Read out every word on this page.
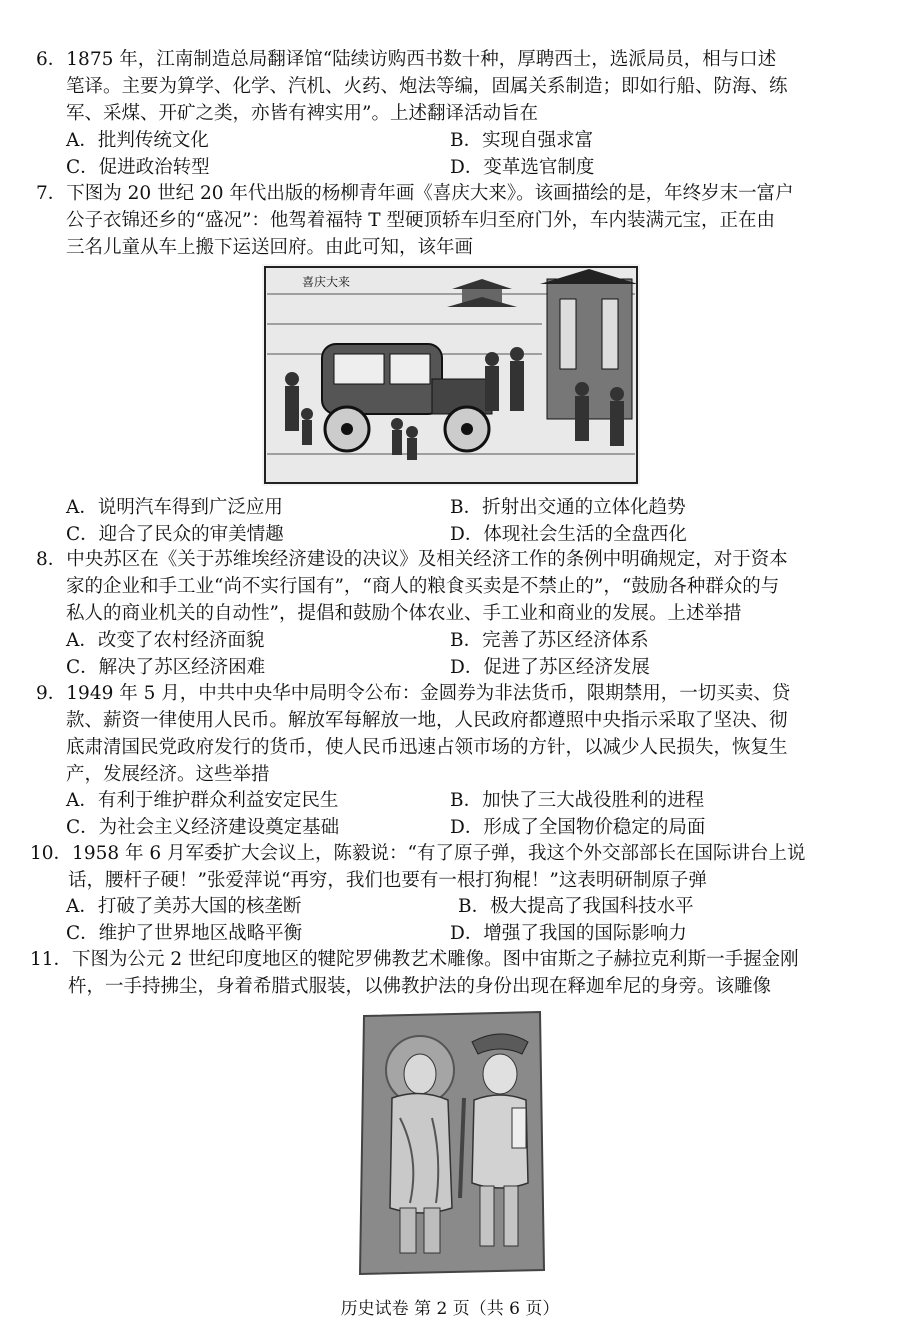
6．1875 年，江南制造总局翻译馆“陆续访购西书数十种，厚聘西士，选派局员，相与口述
笔译。主要为算学、化学、汽机、火药、炮法等编，固属关系制造；即如行船、防海、练
军、采煤、开矿之类，亦皆有裨实用”。上述翻译活动旨在
A．批判传统文化	B．实现自强求富
C．促进政治转型	D．变革选官制度
7．下图为 20 世纪 20 年代出版的杨柳青年画《喜庆大来》。该画描绘的是，年终岁末一富户
公子衣锦还乡的“盛况”：他驾着福特 T 型硬顶轿车归至府门外，车内装满元宝，正在由
三名儿童从车上搬下运送回府。由此可知，该年画
喜庆大来
A．说明汽车得到广泛应用	B．折射出交通的立体化趋势
C．迎合了民众的审美情趣	D．体现社会生活的全盘西化
8．中央苏区在《关于苏维埃经济建设的决议》及相关经济工作的条例中明确规定，对于资本
家的企业和手工业“尚不实行国有”，“商人的粮食买卖是不禁止的”，“鼓励各种群众的与
私人的商业机关的自动性”，提倡和鼓励个体农业、手工业和商业的发展。上述举措
A．改变了农村经济面貌	B．完善了苏区经济体系
C．解决了苏区经济困难	D．促进了苏区经济发展
9．1949 年 5 月，中共中央华中局明令公布：金圆券为非法货币，限期禁用，一切买卖、贷
款、薪资一律使用人民币。解放军每解放一地，人民政府都遵照中央指示采取了坚决、彻
底肃清国民党政府发行的货币，使人民币迅速占领市场的方针，以减少人民损失，恢复生
产，发展经济。这些举措
A．有利于维护群众利益安定民生	B．加快了三大战役胜利的进程
C．为社会主义经济建设奠定基础	D．形成了全国物价稳定的局面
10．1958 年 6 月军委扩大会议上，陈毅说：“有了原子弹，我这个外交部部长在国际讲台上说
话，腰杆子硬！”张爱萍说“再穷，我们也要有一根打狗棍！”这表明研制原子弹
A．打破了美苏大国的核垄断	B．极大提高了我国科技水平
C．维护了世界地区战略平衡	D．增强了我国的国际影响力
11．下图为公元 2 世纪印度地区的犍陀罗佛教艺术雕像。图中宙斯之子赫拉克利斯一手握金刚
杵，一手持拂尘，身着希腊式服装，以佛教护法的身份出现在释迦牟尼的身旁。该雕像
历史试卷 第 2 页（共 6 页）
